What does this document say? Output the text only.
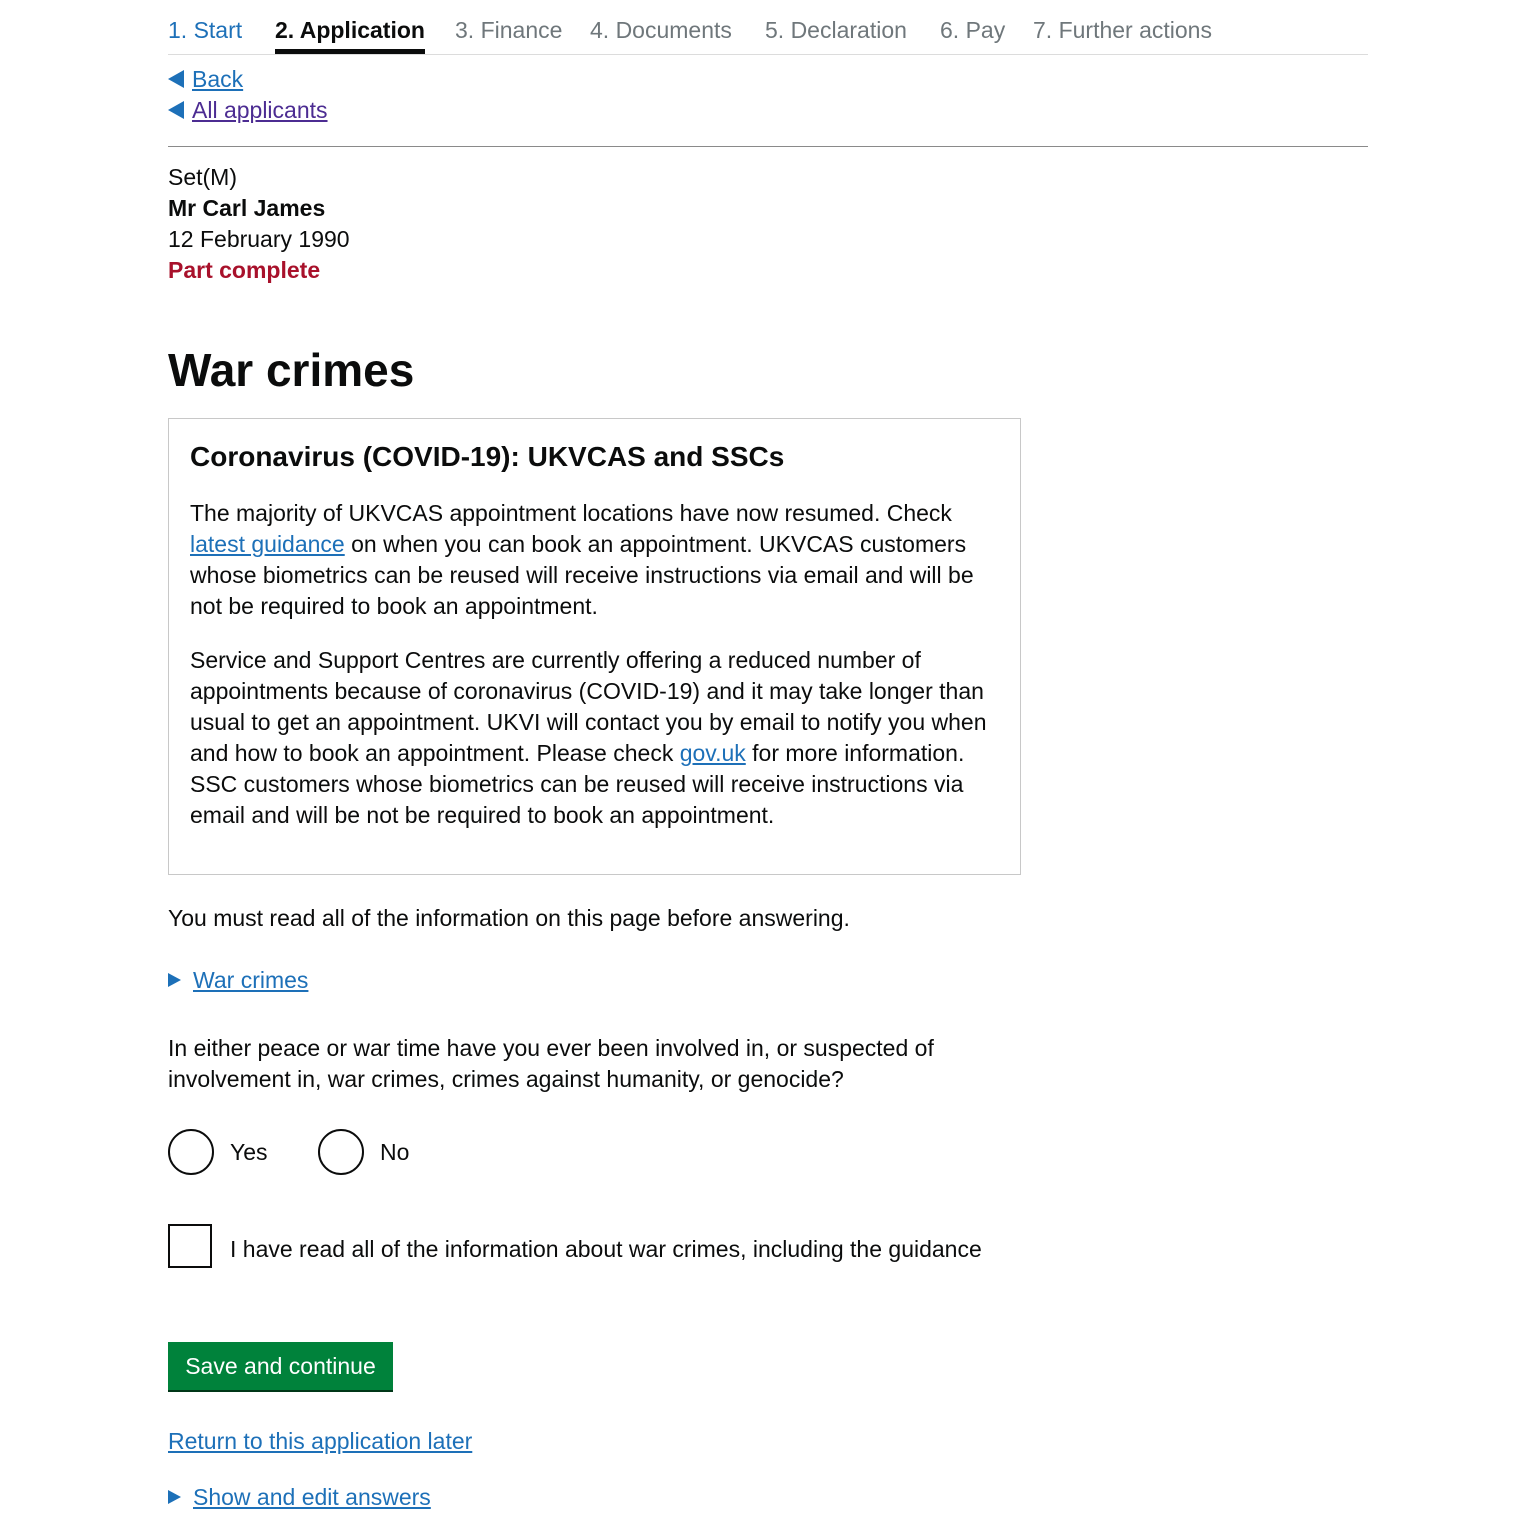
1. Start 2. Application 3. Finance 4. Documents 5. Declaration 6. Pay 7. Further actions
Back
All applicants
Set(M)
Mr Carl James
12 February 1990
Part complete
War crimes
Coronavirus (COVID-19): UKVCAS and SSCs

The majority of UKVCAS appointment locations have now resumed. Check latest guidance on when you can book an appointment. UKVCAS customers whose biometrics can be reused will receive instructions via email and will be not be required to book an appointment.

Service and Support Centres are currently offering a reduced number of appointments because of coronavirus (COVID-19) and it may take longer than usual to get an appointment. UKVI will contact you by email to notify you when and how to book an appointment. Please check gov.uk for more information. SSC customers whose biometrics can be reused will receive instructions via email and will be not be required to book an appointment.

You must read all of the information on this page before answering.
War crimes
In either peace or war time have you ever been involved in, or suspected of involvement in, war crimes, crimes against humanity, or genocide?
Yes	No
I have read all of the information about war crimes, including the guidance
Save and continue
Return to this application later
Show and edit answers
